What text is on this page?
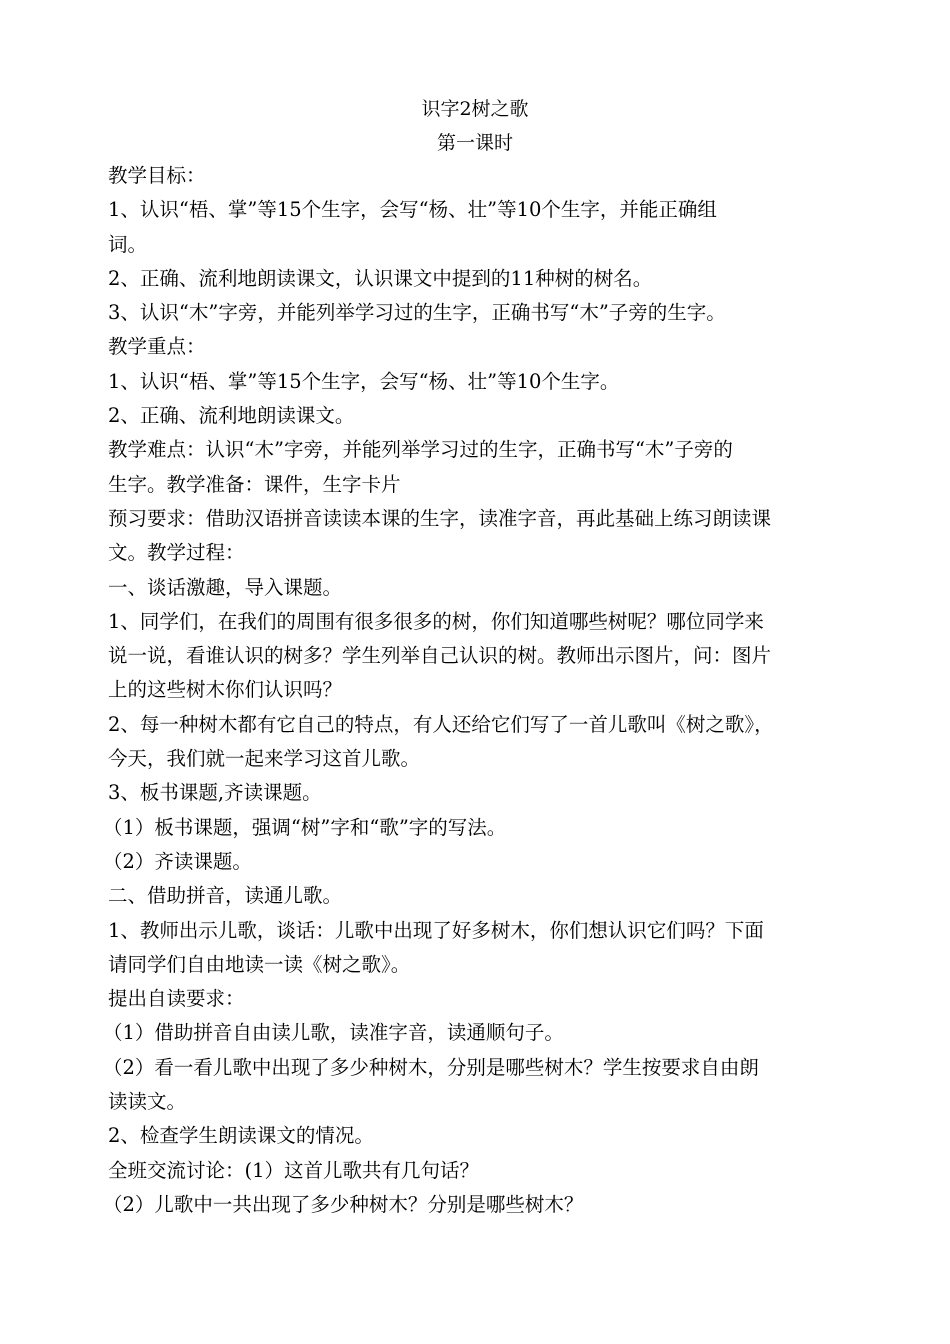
识字2树之歌
第一课时

教学目标：

1、认识“梧、掌”等15个生字，会写“杨、壮”等10个生字，并能正确组

词。

2、正确、流利地朗读课文，认识课文中提到的11种树的树名。

3、认识“木”字旁，并能列举学习过的生字，正确书写“木”子旁的生字。

教学重点：

1、认识“梧、掌”等15个生字，会写“杨、壮”等10个生字。

2、正确、流利地朗读课文。

教学难点：认识“木”字旁，并能列举学习过的生字，正确书写“木”子旁的

生字。教学准备：课件，生字卡片

预习要求：借助汉语拼音读读本课的生字，读准字音，再此基础上练习朗读课

文。教学过程：

一、谈话激趣，导入课题。

1、同学们，在我们的周围有很多很多的树，你们知道哪些树呢？哪位同学来

说一说，看谁认识的树多？学生列举自己认识的树。教师出示图片，问：图片

上的这些树木你们认识吗？

2、每一种树木都有它自己的特点，有人还给它们写了一首儿歌叫《树之歌》，

今天，我们就一起来学习这首儿歌。

3、板书课题,齐读课题。

（1）板书课题，强调“树”字和“歌”字的写法。

（2）齐读课题。

二、借助拼音，读通儿歌。

1、教师出示儿歌，谈话：儿歌中出现了好多树木，你们想认识它们吗？下面

请同学们自由地读一读《树之歌》。

提出自读要求：

（1）借助拼音自由读儿歌，读准字音，读通顺句子。

（2）看一看儿歌中出现了多少种树木，分别是哪些树木？学生按要求自由朗

读读文。

2、检查学生朗读课文的情况。

全班交流讨论：(1）这首儿歌共有几句话？

（2）儿歌中一共出现了多少种树木？分别是哪些树木？
